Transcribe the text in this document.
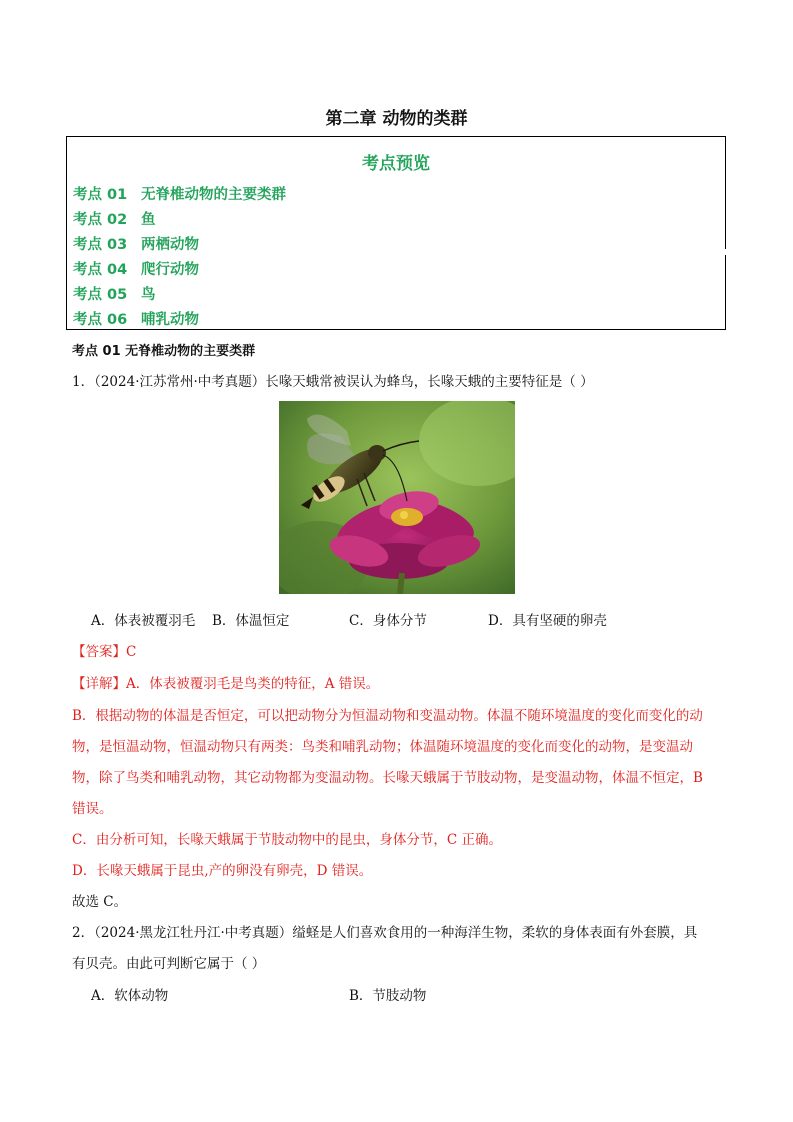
第二章 动物的类群
考点预览
考点 01 无脊椎动物的主要类群
考点 02 鱼
考点 03 两栖动物
考点 04 爬行动物
考点 05 鸟
考点 06 哺乳动物
考点 01 无脊椎动物的主要类群
1．（2024·江苏常州·中考真题）长喙天蛾常被误认为蜂鸟，长喙天蛾的主要特征是（ ）
A．体表被覆羽毛 B．体温恒定	C．身体分节	D．具有坚硬的卵壳
【答案】C
【详解】A．体表被覆羽毛是鸟类的特征，A 错误。
B．根据动物的体温是否恒定，可以把动物分为恒温动物和变温动物。体温不随环境温度的变化而变化的动
物，是恒温动物，恒温动物只有两类：鸟类和哺乳动物；体温随环境温度的变化而变化的动物，是变温动
物，除了鸟类和哺乳动物，其它动物都为变温动物。长喙天蛾属于节肢动物，是变温动物，体温不恒定，B
错误。
C．由分析可知，长喙天蛾属于节肢动物中的昆虫，身体分节，C 正确。
D．长喙天蛾属于昆虫,产的卵没有卵壳，D 错误。
故选 C。
2．（2024·黑龙江牡丹江·中考真题）缢蛏是人们喜欢食用的一种海洋生物，柔软的身体表面有外套膜，具
有贝壳。由此可判断它属于（ ）
A．软体动物	B．节肢动物
